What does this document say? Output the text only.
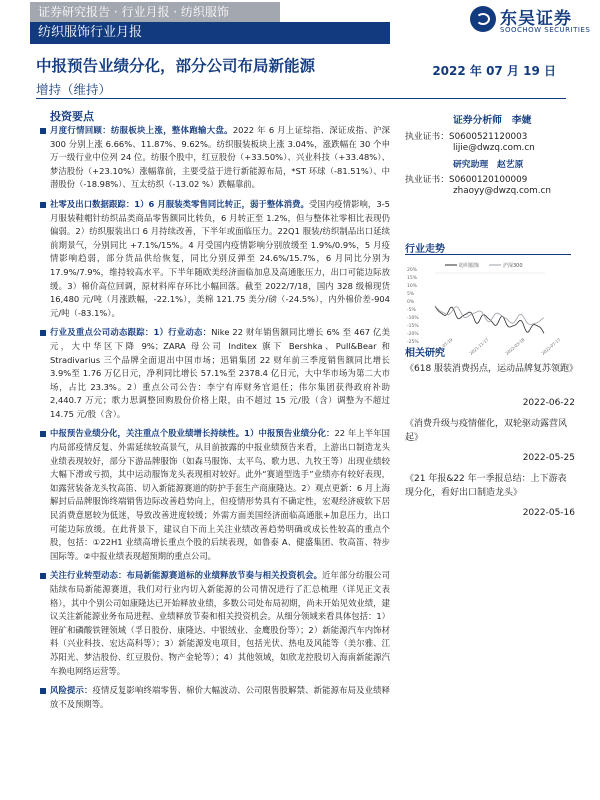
证券研究报告 · 行业月报 · 纺织服饰
纺织服饰行业月报
东吴证券
SOOCHOW SECURITIES
中报预告业绩分化，部分公司布局新能源	2022 年 07 月 19 日
增持（维持）
投资要点
月度行情回顾：纺服板块上涨，整体跑输大盘。2022 年 6 月上证综指、深证成指、沪深 300 分别上涨 6.66%、11.87%、9.62%。纺织服装板块上涨 3.04%，涨跌幅在 30 个申万一级行业中位列 24 位。纺服个股中，红豆股份（+33.50%）、兴业科技（+33.48%）、梦洁股份（+23.10%）涨幅靠前，主要受益于进行新能源布局，*ST 环球（-81.51%）、中潜股份（-18.98%）、互太纺织（-13.02 %）跌幅靠前。
社零及出口数据跟踪：1）6 月服装类零售同比转正，弱于整体消费。受国内疫情影响，3-5 月服装鞋帽针纺织品类商品零售额同比转负，6 月转正至 1.2%，但与整体社零相比表现仍偏弱。2）纺织服装出口 6 月持续改善，下半年或面临压力。22Q1 服装/纺织制品出口延续前期景气，分别同比 +7.1%/15%。4 月受国内疫情影响分别放缓至 1.9%/0.9%，5 月疫情影响趋弱，部分货品供给恢复，同比分别反弹至 24.6%/15.7%，6 月同比分别为 17.9%/7.9%，维持较高水平。下半年随欧美经济面临加息及高通胀压力，出口可能边际放缓。3）棉价高位回调，原材料库存环比小幅回落。截至 2022/7/18，国内 328 级棉现货 16,480 元/吨（月涨跌幅，-22.1%），美棉 121.75 美分/磅（-24.5%），内外棉价差-904 元/吨（-83.1%）。
行业及重点公司动态跟踪：1）行业动态：Nike 22 财年销售额同比增长 6% 至 467 亿美元，大中华区下降 9%；ZARA 母公司 Inditex 旗下 Bershka、Pull&Bear 和 Stradivarius 三个品牌全面退出中国市场；迅销集团 22 财年前三季度销售额同比增长 3.9%至 1.76 万亿日元，净利同比增长 57.1%至 2378.4 亿日元，大中华市场为第二大市场，占比 23.3%。2）重点公司公告：李宁有库财务官退任；伟尔集团获得政府补助 2,440.7 万元；歌力思调整回购股份价格上限，由不超过 15 元/股（含）调整为不超过 14.75 元/股（含）。
中报预告业绩分化，关注重点个股业绩增长持续性。1）中报预告业绩分化：22 年上半年国内局部疫情反复、外需延续较高景气，从目前披露的中报业绩预告来看，上游出口制造龙头业绩表现较好，部分下游品牌服饰（如森马服饰、太平鸟、歌力思、九牧王等）出现业绩较大幅下滑或亏损，其中运动服饰龙头表现相对较好。此外“赛道型选手”业绩亦有较好表现，如露营装备龙头牧高笛、切入新能源赛道的防护手套生产商康隆达。2）观点更新：6 月上海解封后品牌服饰终端销售边际改善趋势向上，但疫情形势具有不确定性，宏观经济疲软下居民消费意愿较为低迷，导致改善进度较缓；外需方面美国经济面临高通胀+加息压力，出口可能边际放缓。在此背景下，建议自下而上关注业绩改善趋势明确或成长性较高的重点个股，包括：①22H1 业绩高增长重点个股的后续表现，如鲁泰 A、健盛集团、牧高笛、特步国际等。②中报业绩表现超预期的重点公司。
关注行业转型动态：布局新能源赛道标的业绩释放节奏与相关投资机会。近年部分纺服公司陆续布局新能源赛道，我们对行业内切入新能源的公司情况进行了汇总梳理（详见正文表格），其中个别公司如康隆达已开始释放业绩，多数公司处布局初期，尚未开始见效业绩，建议关注新能源业务布局进程、业绩释放节奏和相关投资机会。从细分领域来看具体包括：1）锂矿和磷酸铁锂领域（孚日股份、康隆达、中银绒业、金鹰股份等）；2）新能源汽车内饰材料（兴业科技、宏达高科等）；3）新能源发电项目，包括光伏、热电及风能等（美尔雅、江苏阳光、梦洁股份、红豆股份、物产金轮等）；4）其他领域，如欣龙控股切入海南新能源汽车换电网络运营等。
风险提示：疫情反复影响终端零售、棉价大幅波动、公司限售股解禁、新能源布局及业绩释放不及预期等。
证券分析师　李婕
执业证书：S0600521120003
lijie@dwzq.com.cn
研究助理　赵艺原
执业证书：S0600120100009
zhaoyy@dwzq.com.cn
行业走势
20%
15%
10%
5%
0%
-5%
-10%
-15%
-20%
-25%
纺织服饰	沪深300
2021-07-19	2021-11-17	2022-03-18	2022-07-17
相关研究
《618 服装消费拐点，运动品牌复苏领跑》
2022-06-22
《消费升级与疫情催化，双轮驱动露营风起》
2022-05-25
《21 年报&22 年一季报总结：上下游表现分化，看好出口制造龙头》
2022-05-16
